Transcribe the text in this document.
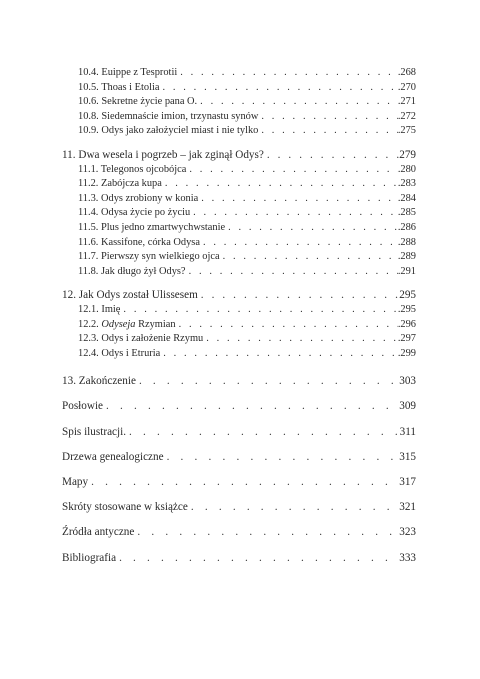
10.4. Euippe z Tesprotii . . .	.268
10.5. Thoas i Etolia . . .	.270
10.6. Sekretne życie pana O. . . .	.271
10.8. Siedemnaście imion, trzynastu synów . . .	.272
10.9. Odys jako założyciel miast i nie tylko . . .	.275
11. Dwa wesela i pogrzeb – jak zginął Odys? . . .	279
11.1. Telegonos ojcobójca . . .	.280
11.2. Zabójcza kupa . . .	.283
11.3. Odys zrobiony w konia . . .	.284
11.4. Odysa życie po życiu . . .	.285
11.5. Plus jedno zmartwychwstanie . . .	.286
11.6. Kassifone, córka Odysa . . .	.288
11.7. Pierwszy syn wielkiego ojca . . .	.289
11.8. Jak długo żył Odys? . . .	.291
12. Jak Odys został Ulissesem . . .	295
12.1. Imię . . .	.295
12.2. Odyseja Rzymian . . .	.296
12.3. Odys i założenie Rzymu . . .	.297
12.4. Odys i Etruria . . .	.299
13. Zakończenie . . .	303
Posłowie . . .	309
Spis ilustracji. . . .	311
Drzewa genealogiczne . . .	315
Mapy . . .	317
Skróty stosowane w książce . . .	321
Źródła antyczne . . .	323
Bibliografia . . .	333
